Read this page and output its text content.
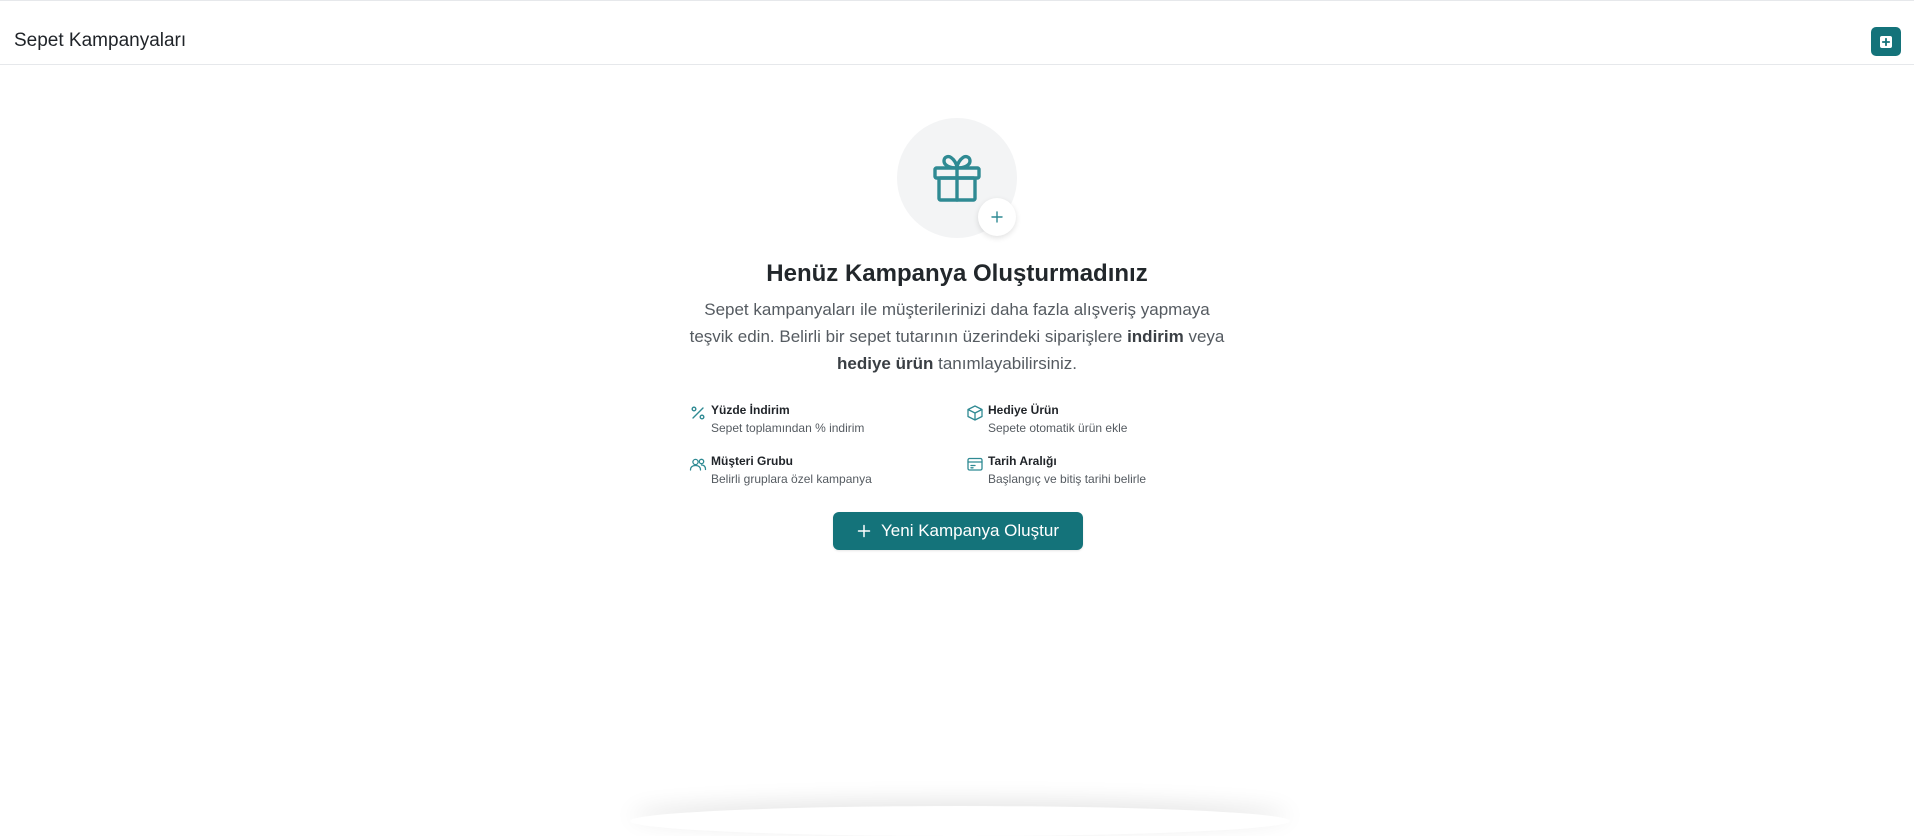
Sepet Kampanyaları
Henüz Kampanya Oluşturmadınız
Sepet kampanyaları ile müşterilerinizi daha fazla alışveriş yapmaya teşvik edin. Belirli bir sepet tutarının üzerindeki siparişlere indirim veya hediye ürün tanımlayabilirsiniz.
Yüzde İndirim
Sepet toplamından % indirim
Hediye Ürün
Sepete otomatik ürün ekle
Müşteri Grubu
Belirli gruplara özel kampanya
Tarih Aralığı
Başlangıç ve bitiş tarihi belirle
Yeni Kampanya Oluştur
